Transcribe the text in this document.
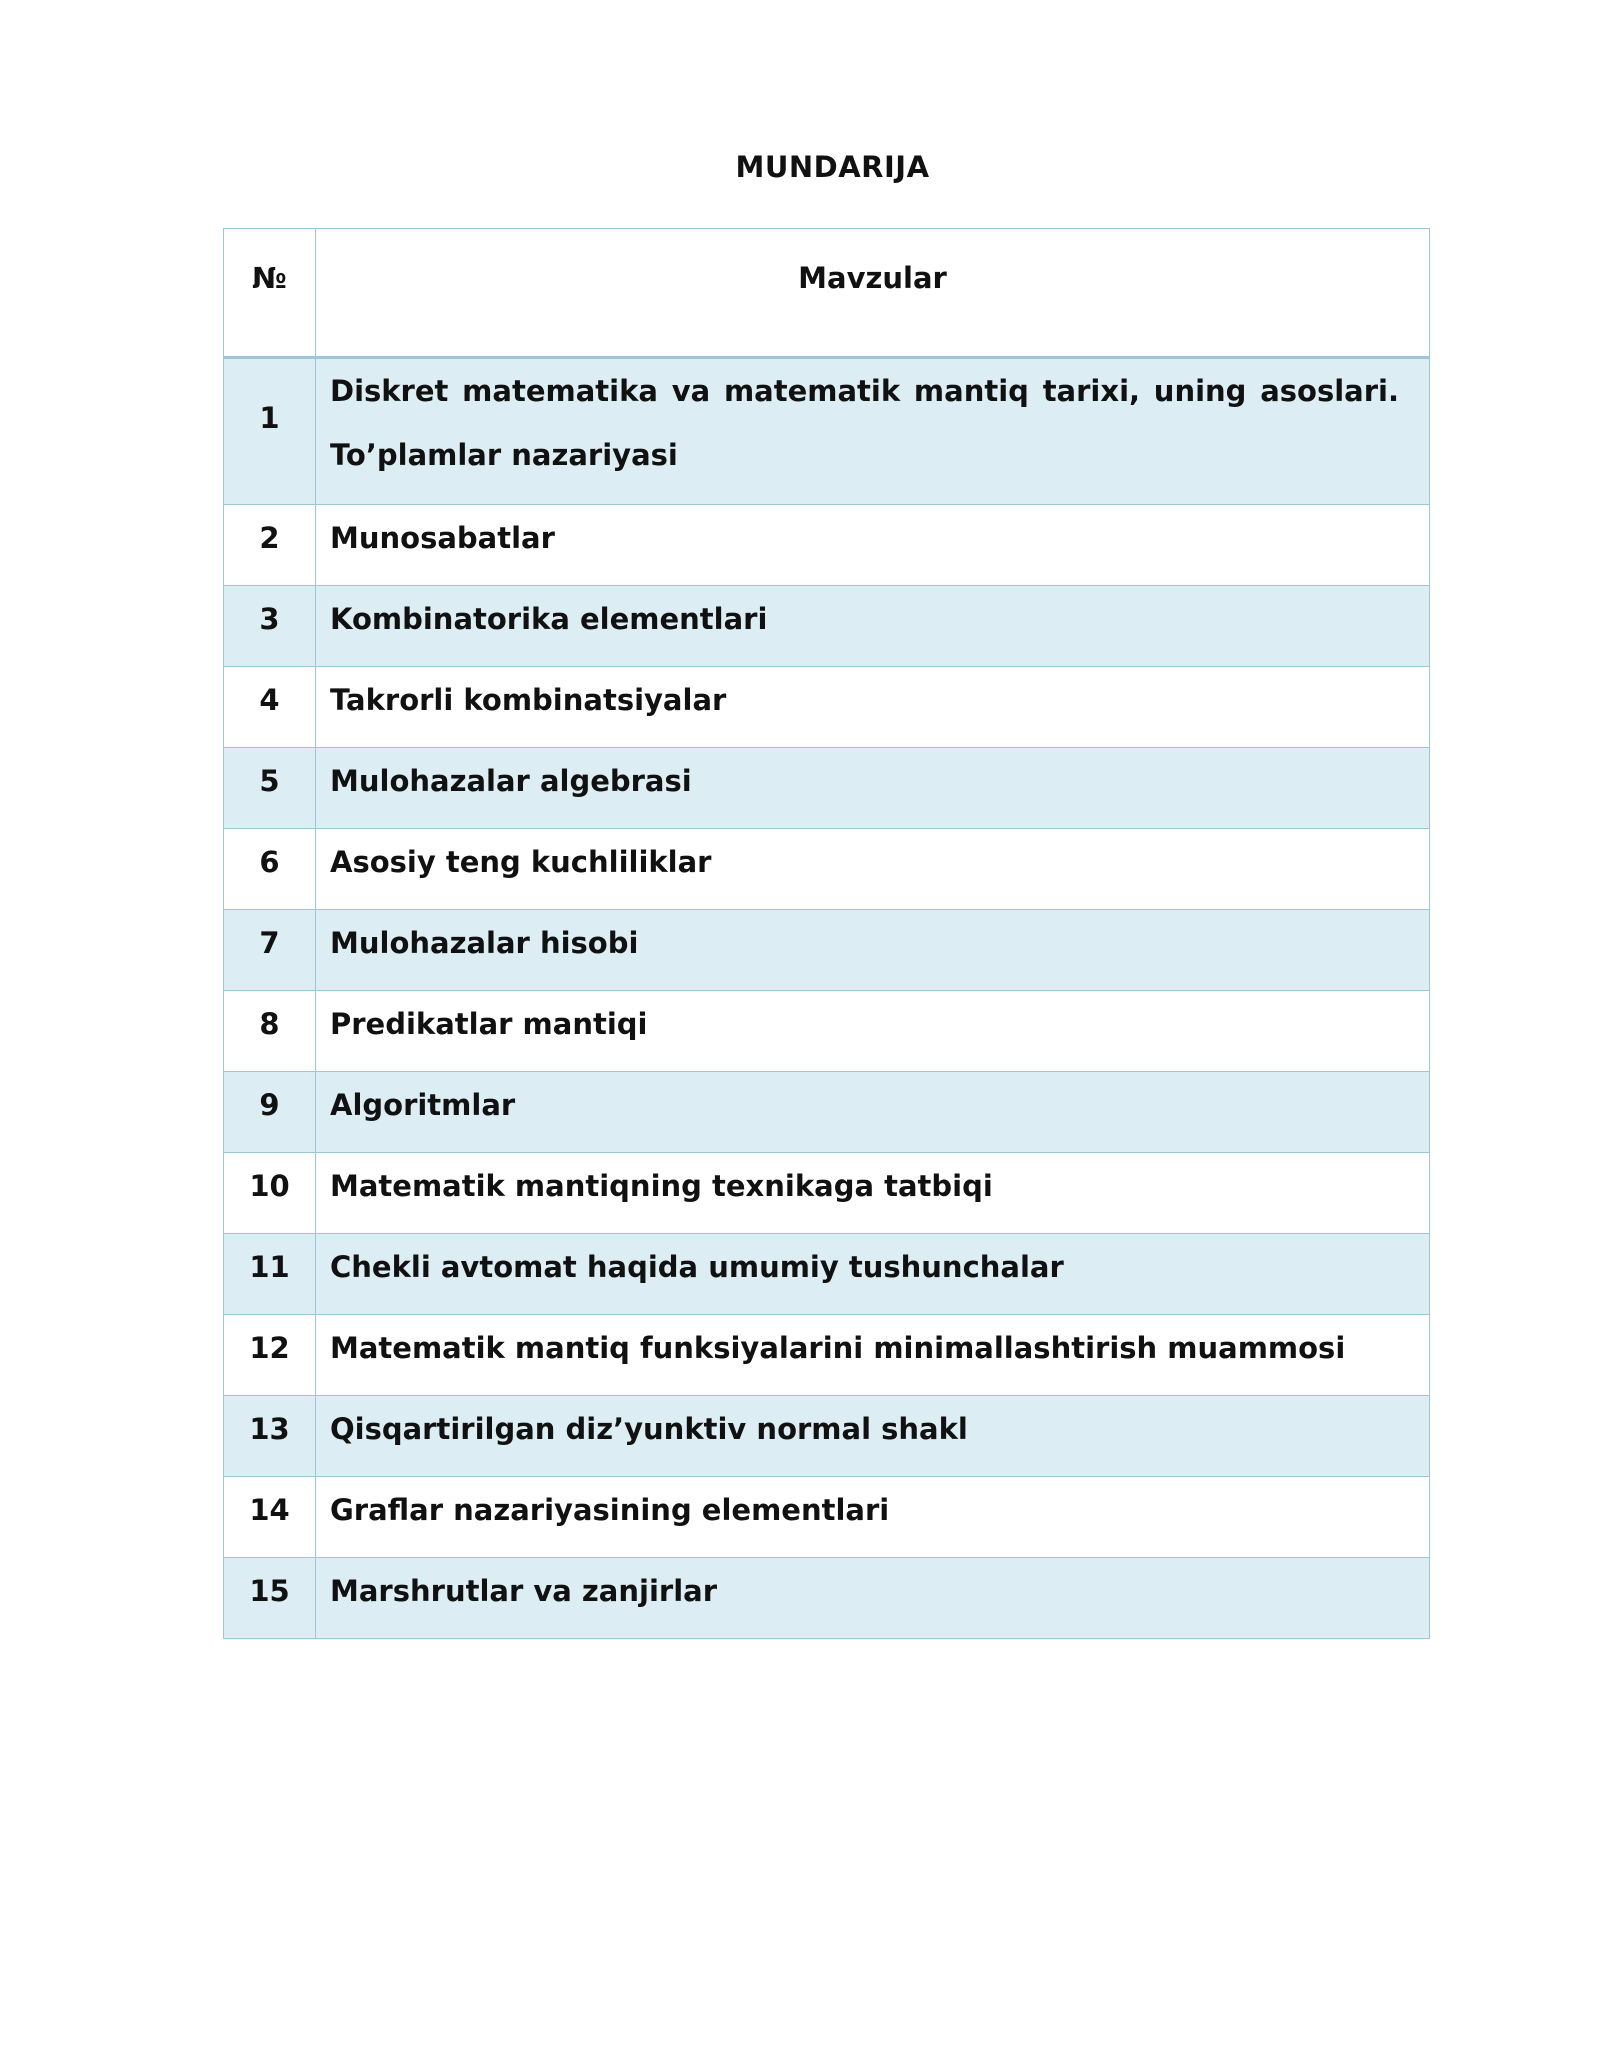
MUNDARIJA
№	Mavzular
1	Diskret matematika va matematik mantiq tarixi, uning asoslari. To’plamlar nazariyasi
2	Munosabatlar
3	Kombinatorika elementlari
4	Takrorli kombinatsiyalar
5	Mulohazalar algebrasi
6	Asosiy teng kuchliliklar
7	Mulohazalar hisobi
8	Predikatlar mantiqi
9	Algoritmlar
10	Matematik mantiqning texnikaga tatbiqi
11	Chekli avtomat haqida umumiy tushunchalar
12	Matematik mantiq funksiyalarini minimallashtirish muammosi
13	Qisqartirilgan diz’yunktiv normal shakl
14	Graflar nazariyasining elementlari
15	Marshrutlar va zanjirlar
